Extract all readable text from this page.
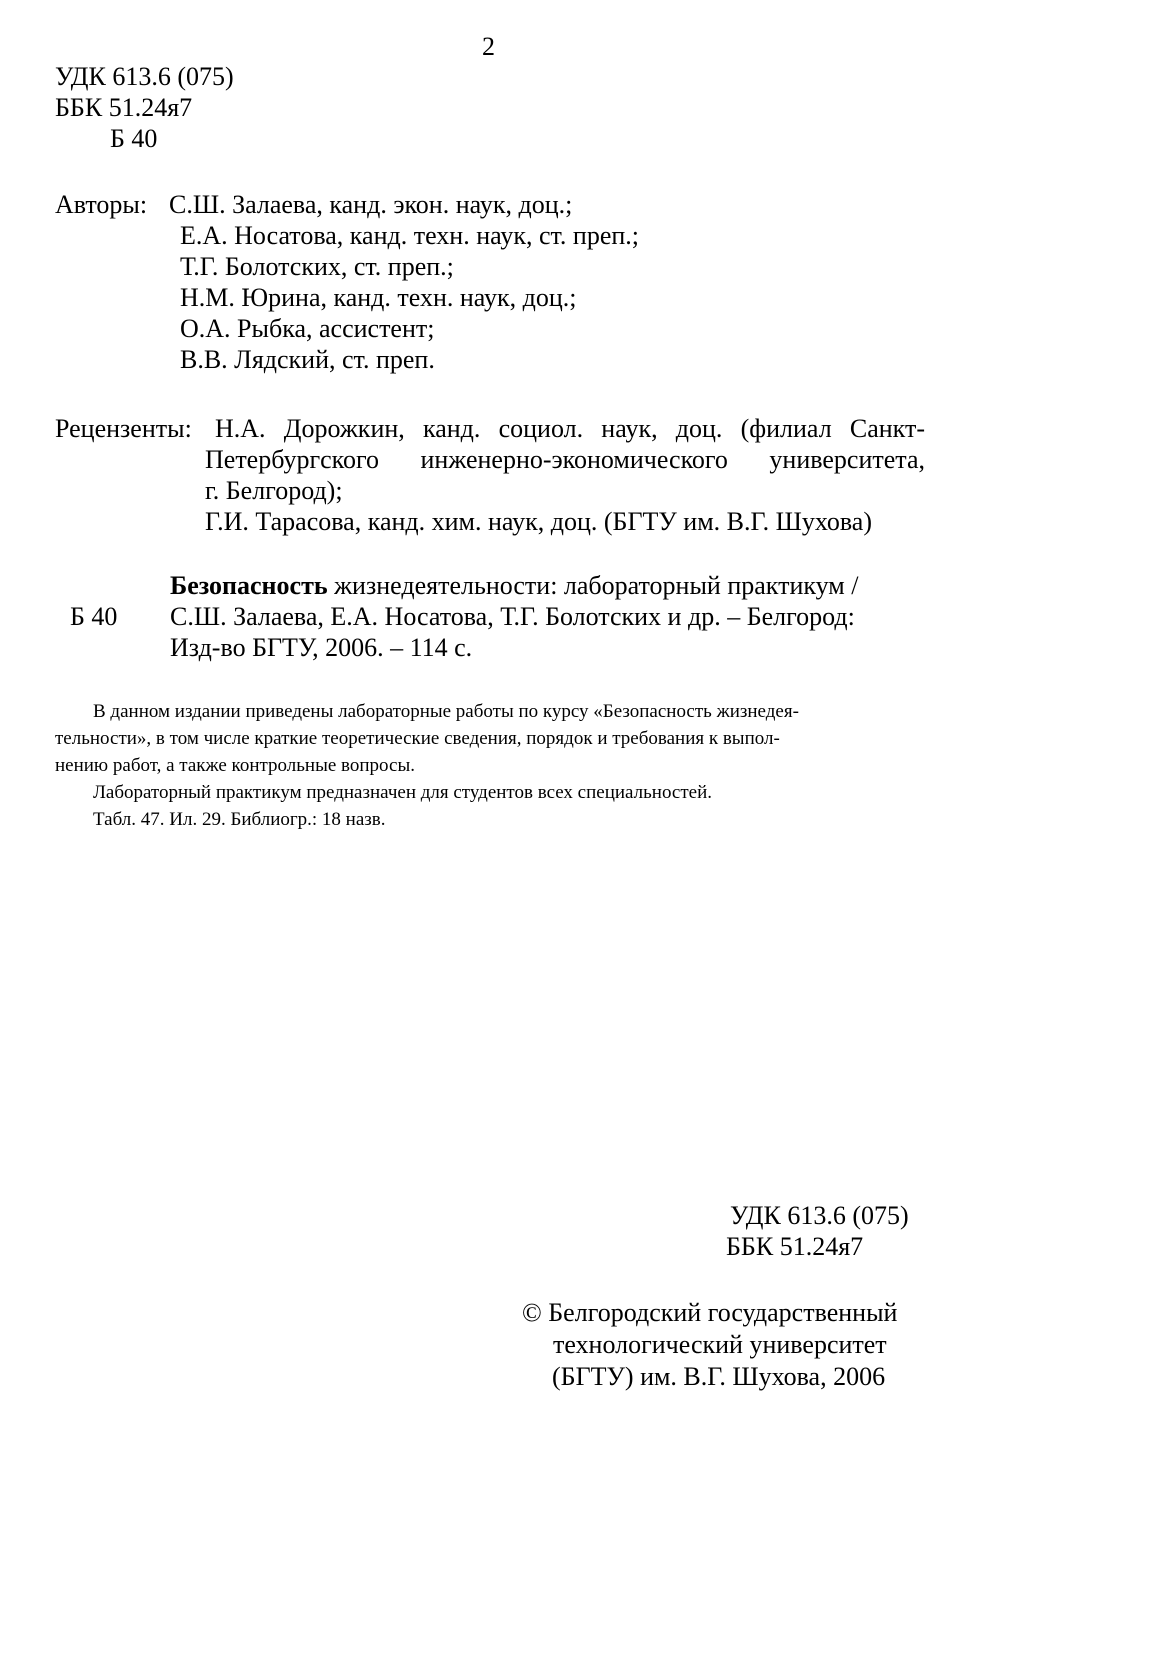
2
УДК 613.6 (075)
ББК 51.24я7
Б 40
Авторы: С.Ш. Залаева, канд. экон. наук, доц.;
Е.А. Носатова, канд. техн. наук, ст. преп.;
Т.Г. Болотских, ст. преп.;
Н.М. Юрина, канд. техн. наук, доц.;
О.А. Рыбка, ассистент;
В.В. Лядский, ст. преп.
Рецензенты: Н.А. Дорожкин, канд. социол. наук, доц. (филиал Санкт-
Петербургского инженерно-экономического университета,
г. Белгород);
Г.И. Тарасова, канд. хим. наук, доц. (БГТУ им. В.Г. Шухова)
Б 40
Безопасность жизнедеятельности: лабораторный практикум /
С.Ш. Залаева, Е.А. Носатова, Т.Г. Болотских и др. – Белгород:
Изд-во БГТУ, 2006. – 114 с.
В данном издании приведены лабораторные работы по курсу «Безопасность жизнедея-
тельности», в том числе краткие теоретические сведения, порядок и требования к выпол-
нению работ, а также контрольные вопросы.
Лабораторный практикум предназначен для студентов всех специальностей.
Табл. 47. Ил. 29. Библиогр.: 18 назв.
УДК 613.6 (075)
ББК 51.24я7
© Белгородский государственный
технологический университет
(БГТУ) им. В.Г. Шухова, 2006
